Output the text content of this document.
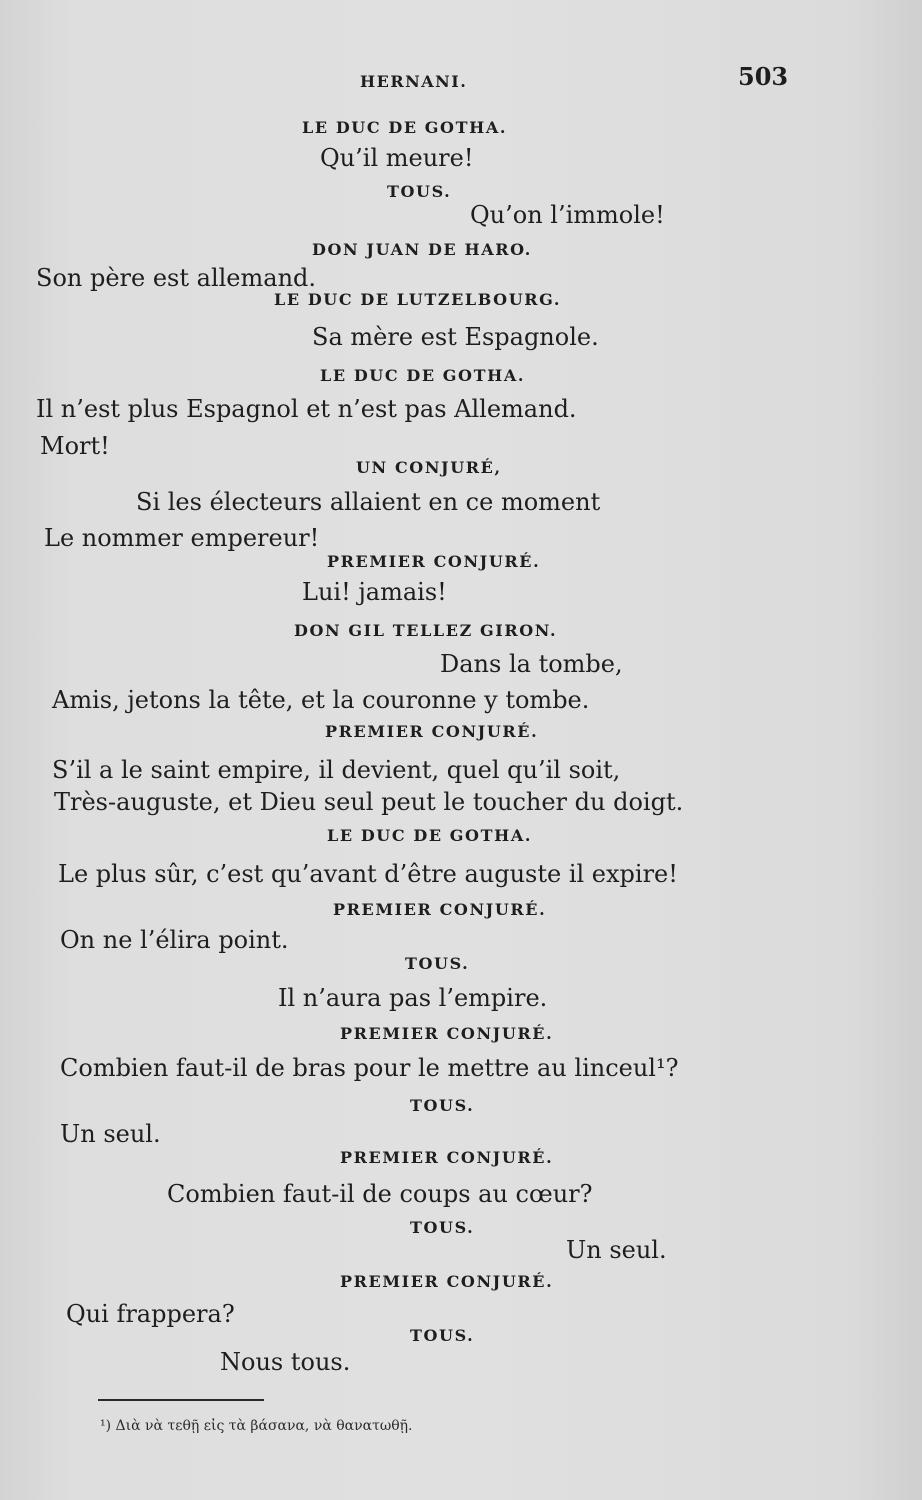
HERNANI.	503
LE DUC DE GOTHA.
Qu’il meure!
TOUS.
Qu’on l’immole!
DON JUAN DE HARO.
Son père est allemand.
LE DUC DE LUTZELBOURG.
Sa mère est Espagnole.
LE DUC DE GOTHA.
Il n’est plus Espagnol et n’est pas Allemand.
Mort!
UN CONJURÉ,
Si les électeurs allaient en ce moment
Le nommer empereur!
PREMIER CONJURÉ.
Lui! jamais!
DON GIL TELLEZ GIRON.
Dans la tombe,
Amis, jetons la tête, et la couronne y tombe.
PREMIER CONJURÉ.
S’il a le saint empire, il devient, quel qu’il soit,
Très-auguste, et Dieu seul peut le toucher du doigt.
LE DUC DE GOTHA.
Le plus sûr, c’est qu’avant d’être auguste il expire!
PREMIER CONJURÉ.
On ne l’élira point.
TOUS.
Il n’aura pas l’empire.
PREMIER CONJURÉ.
Combien faut-il de bras pour le mettre au linceul¹?
TOUS.
Un seul.
PREMIER CONJURÉ.
Combien faut-il de coups au cœur?
TOUS.
Un seul.
PREMIER CONJURÉ.
Qui frappera?
TOUS.
Nous tous.
¹) Διὰ νὰ τεθῇ εἰς τὰ βάσανα, νὰ θανατωθῇ.
